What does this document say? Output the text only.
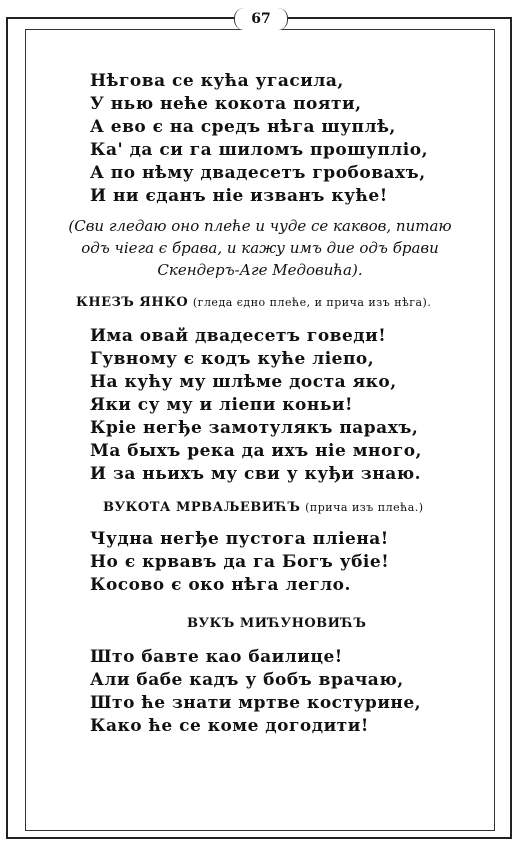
67
Нѣгова се кућа угасила,
У нью нећe кокота пояти,
А ево є на средъ нѣга шуплѣ,
Ка' да си га шиломъ прошупліо,
А по нѣму двадесетъ гробовахъ,
И ни єданъ ніе изванъ куће!
(Сви гледаю оно плеће и чуде се каквов, питаю
одъ чіега є брава, и кажу имъ дие одъ брави
Скендеръ-Аге Медовића).
КНЕЗЪ ЯНКО (гледа єдно плеће, и прича изъ нѣга).
Има овай двадесетъ говеди!
Гувному є кодъ куће ліепо,
На кућу му шлѣме доста яко,
Яки су му и ліепи коньи!
Кріе негђе замотулякъ парахъ,
Ма быхъ река да ихъ ніе много,
И за ньихъ му сви у куђи знаю.
ВУКОТА МРВАЉЕВИЋЪ (прича изъ плећа.)
Чудна негђе пустога пліена!
Но є крвавъ да га Богъ убіе!
Косово є око нѣга легло.
ВУКЪ МИЋУНОВИЋЪ
Што бавте као баилице!
Али бабе кадъ у бобъ врачаю,
Што ће знати мртве костурине,
Како ће се коме догодити!
